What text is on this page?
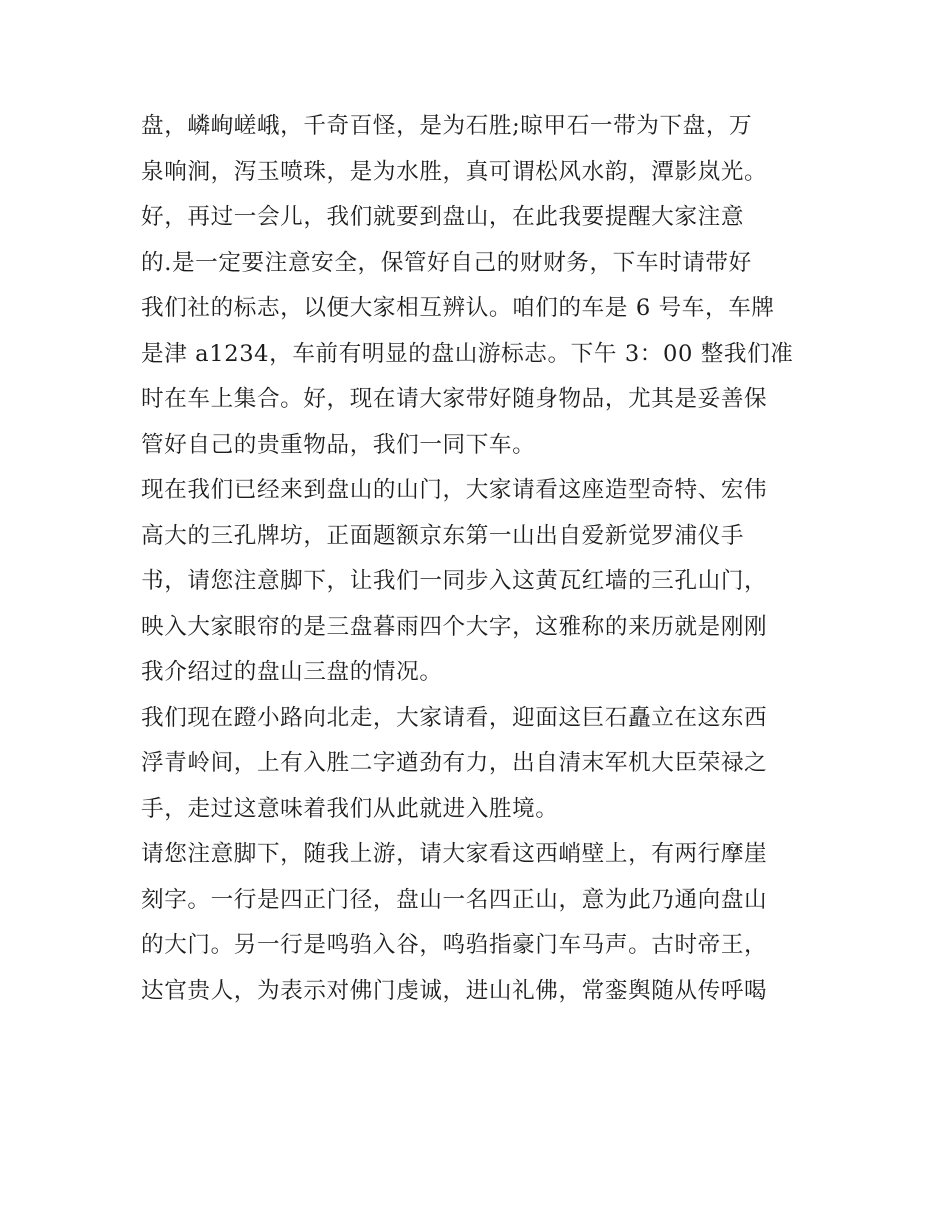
盘，嶙峋嵯峨，千奇百怪，是为石胜;晾甲石一带为下盘，万
泉响涧，泻玉喷珠，是为水胜，真可谓松风水韵，潭影岚光。
好，再过一会儿，我们就要到盘山，在此我要提醒大家注意
的.是一定要注意安全，保管好自己的财财务，下车时请带好
我们社的标志，以便大家相互辨认。咱们的车是 6 号车，车牌
是津 a1234，车前有明显的盘山游标志。下午 3：00 整我们准
时在车上集合。好，现在请大家带好随身物品，尤其是妥善保
管好自己的贵重物品，我们一同下车。
现在我们已经来到盘山的山门，大家请看这座造型奇特、宏伟
高大的三孔牌坊，正面题额京东第一山出自爱新觉罗浦仪手
书，请您注意脚下，让我们一同步入这黄瓦红墙的三孔山门，
映入大家眼帘的是三盘暮雨四个大字，这雅称的来历就是刚刚
我介绍过的盘山三盘的情况。
我们现在蹬小路向北走，大家请看，迎面这巨石矗立在这东西
浮青岭间，上有入胜二字遒劲有力，出自清末军机大臣荣禄之
手，走过这意味着我们从此就进入胜境。
请您注意脚下，随我上游，请大家看这西峭壁上，有两行摩崖
刻字。一行是四正门径，盘山一名四正山，意为此乃通向盘山
的大门。另一行是鸣驺入谷，鸣驺指豪门车马声。古时帝王，
达官贵人，为表示对佛门虔诚，进山礼佛，常銮舆随从传呼喝
